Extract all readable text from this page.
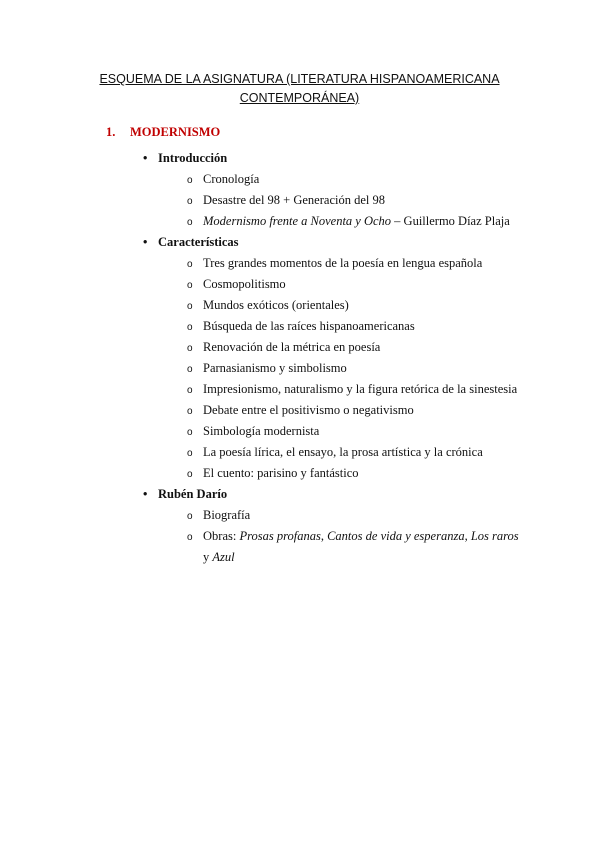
ESQUEMA DE LA ASIGNATURA (LITERATURA HISPANOAMERICANA
CONTEMPORÁNEA)
1. MODERNISMO
• Introducción
o Cronología
o Desastre del 98 + Generación del 98
o Modernismo frente a Noventa y Ocho – Guillermo Díaz Plaja
• Características
o Tres grandes momentos de la poesía en lengua española
o Cosmopolitismo
o Mundos exóticos (orientales)
o Búsqueda de las raíces hispanoamericanas
o Renovación de la métrica en poesía
o Parnasianismo y simbolismo
o Impresionismo, naturalismo y la figura retórica de la sinestesia
o Debate entre el positivismo o negativismo
o Simbología modernista
o La poesía lírica, el ensayo, la prosa artística y la crónica
o El cuento: parisino y fantástico
• Rubén Darío
o Biografía
o Obras: Prosas profanas, Cantos de vida y esperanza, Los raros
y Azul
